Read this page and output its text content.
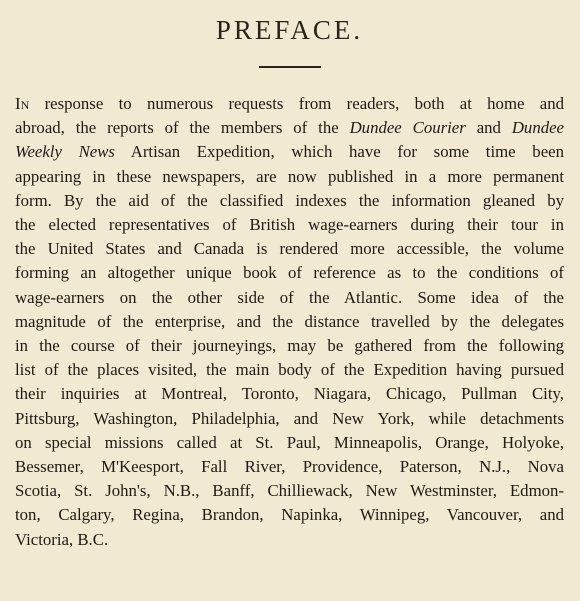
PREFACE.
In response to numerous requests from readers, both at home and
abroad, the reports of the members of the Dundee Courier and Dundee
Weekly News Artisan Expedition, which have for some time been
appearing in these newspapers, are now published in a more permanent
form. By the aid of the classified indexes the information gleaned by
the elected representatives of British wage-earners during their tour in
the United States and Canada is rendered more accessible, the volume
forming an altogether unique book of reference as to the conditions of
wage-earners on the other side of the Atlantic. Some idea of the
magnitude of the enterprise, and the distance travelled by the delegates
in the course of their journeyings, may be gathered from the following
list of the places visited, the main body of the Expedition having pursued
their inquiries at Montreal, Toronto, Niagara, Chicago, Pullman City,
Pittsburg, Washington, Philadelphia, and New York, while detachments
on special missions called at St. Paul, Minneapolis, Orange, Holyoke,
Bessemer, M'Keesport, Fall River, Providence, Paterson, N.J., Nova
Scotia, St. John's, N.B., Banff, Chilliewack, New Westminster, Edmon-
ton, Calgary, Regina, Brandon, Napinka, Winnipeg, Vancouver, and
Victoria, B.C.
